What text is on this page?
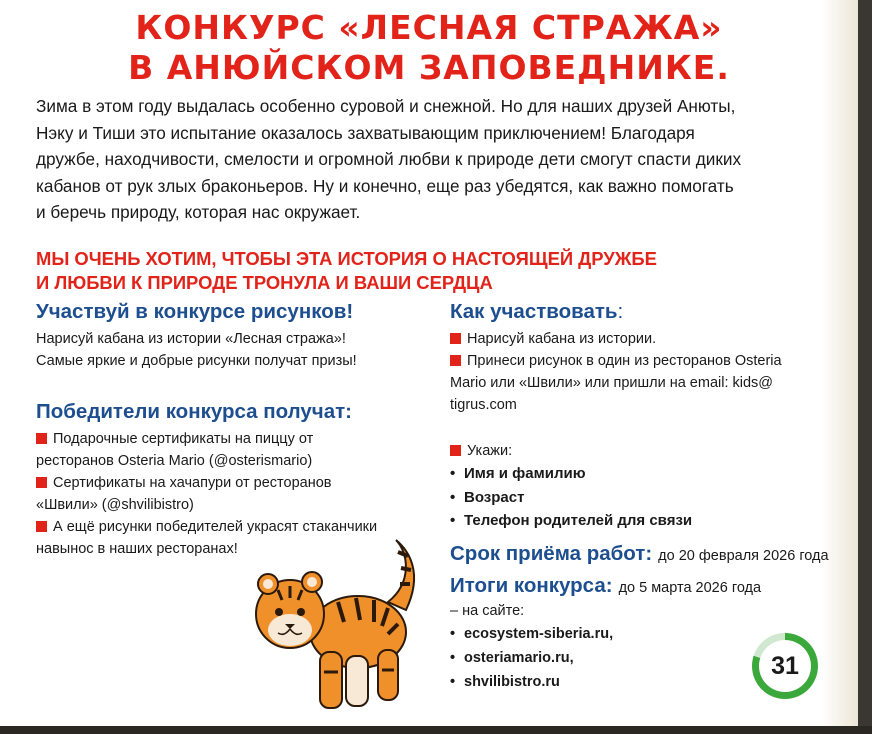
КОНКУРС «ЛЕСНАЯ СТРАЖА»
В АНЮЙСКОМ ЗАПОВЕДНИКЕ.
Зима в этом году выдалась особенно суровой и снежной. Но для наших друзей Анюты,
Нэку и Тиши это испытание оказалось захватывающим приключением! Благодаря
дружбе, находчивости, смелости и огромной любви к природе дети смогут спасти диких
кабанов от рук злых браконьеров. Ну и конечно, еще раз убедятся, как важно помогать
и беречь природу, которая нас окружает.
МЫ ОЧЕНЬ ХОТИМ, ЧТОБЫ ЭТА ИСТОРИЯ О НАСТОЯЩЕЙ ДРУЖБЕ
И ЛЮБВИ К ПРИРОДЕ ТРОНУЛА И ВАШИ СЕРДЦА
Участвуй в конкурсе рисунков!
Нарисуй кабана из истории «Лесная стража»!
Самые яркие и добрые рисунки получат призы!
Победители конкурса получат:
Подарочные сертификаты на пиццу от
ресторанов Osteria Mario (@osterismario)
Сертификаты на хачапури от ресторанов
«Швили» (@shvilibistro)
А ещё рисунки победителей украсят стаканчики
навынос в наших ресторанах!
Как участвовать:
Нарисуй кабана из истории.
Принеси рисунок в один из ресторанов Osteria
Mario или «Швили» или пришли на email: kids@
tigrus.com
Укажи:
• Имя и фамилию
• Возраст
• Телефон родителей для связи
Срок приёма работ: до 20 февраля 2026 года
Итоги конкурса: до 5 марта 2026 года
– на сайте:
• ecosystem-siberia.ru,
• osteriamario.ru,
• shvilibistro.ru
31
